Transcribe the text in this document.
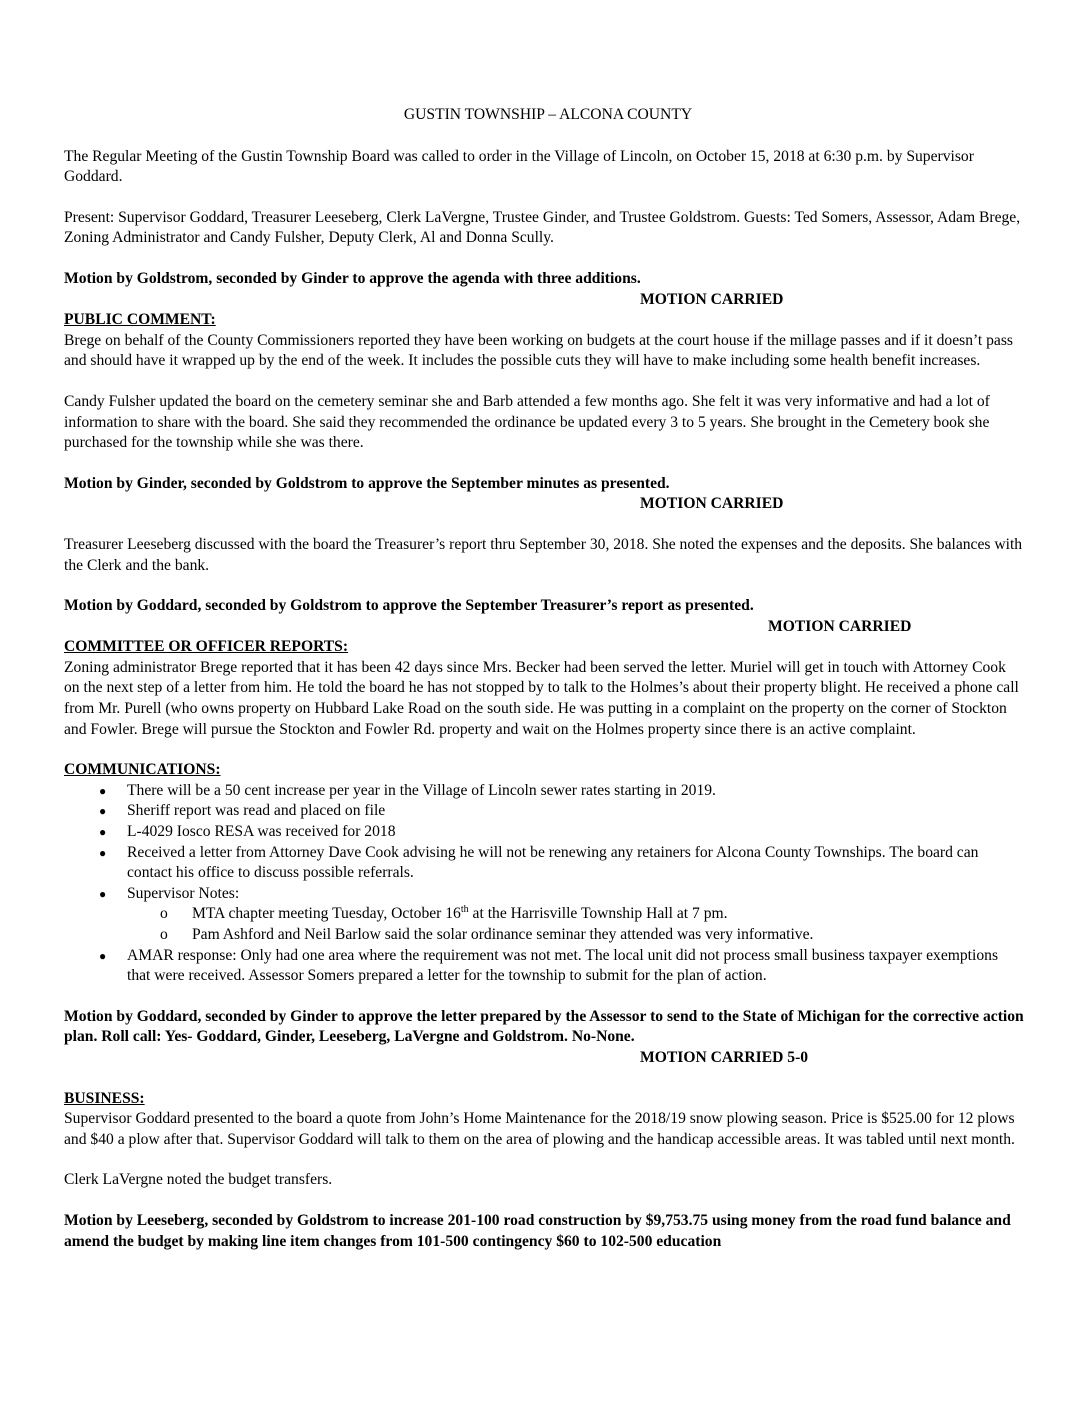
GUSTIN TOWNSHIP – ALCONA COUNTY

The Regular Meeting of the Gustin Township Board was called to order in the Village of Lincoln, on October 15, 2018 at 6:30 p.m. by Supervisor Goddard.

Present: Supervisor Goddard, Treasurer Leeseberg, Clerk LaVergne, Trustee Ginder, and Trustee Goldstrom. Guests: Ted Somers, Assessor, Adam Brege, Zoning Administrator and Candy Fulsher, Deputy Clerk, Al and Donna Scully.

Motion by Goldstrom, seconded by Ginder to approve the agenda with three additions.

MOTION CARRIED

PUBLIC COMMENT:

Brege on behalf of the County Commissioners reported they have been working on budgets at the court house if the millage passes and if it doesn’t pass and should have it wrapped up by the end of the week. It includes the possible cuts they will have to make including some health benefit increases.

Candy Fulsher updated the board on the cemetery seminar she and Barb attended a few months ago. She felt it was very informative and had a lot of information to share with the board. She said they recommended the ordinance be updated every 3 to 5 years. She brought in the Cemetery book she purchased for the township while she was there.

Motion by Ginder, seconded by Goldstrom to approve the September minutes as presented.

MOTION CARRIED

Treasurer Leeseberg discussed with the board the Treasurer’s report thru September 30, 2018. She noted the expenses and the deposits. She balances with the Clerk and the bank.

Motion by Goddard, seconded by Goldstrom to approve the September Treasurer’s report as presented.

MOTION CARRIED

COMMITTEE OR OFFICER REPORTS:

Zoning administrator Brege reported that it has been 42 days since Mrs. Becker had been served the letter. Muriel will get in touch with Attorney Cook on the next step of a letter from him. He told the board he has not stopped by to talk to the Holmes’s about their property blight. He received a phone call from Mr. Purell (who owns property on Hubbard Lake Road on the south side. He was putting in a complaint on the property on the corner of Stockton and Fowler. Brege will pursue the Stockton and Fowler Rd. property and wait on the Holmes property since there is an active complaint.

COMMUNICATIONS:

● There will be a 50 cent increase per year in the Village of Lincoln sewer rates starting in 2019.
● Sheriff report was read and placed on file
● L-4029 Iosco RESA was received for 2018
● Received a letter from Attorney Dave Cook advising he will not be renewing any retainers for Alcona County Townships. The board can contact his office to discuss possible referrals.
● Supervisor Notes:
o MTA chapter meeting Tuesday, October 16th at the Harrisville Township Hall at 7 pm.
o Pam Ashford and Neil Barlow said the solar ordinance seminar they attended was very informative.
● AMAR response: Only had one area where the requirement was not met. The local unit did not process small business taxpayer exemptions that were received. Assessor Somers prepared a letter for the township to submit for the plan of action.

Motion by Goddard, seconded by Ginder to approve the letter prepared by the Assessor to send to the State of Michigan for the corrective action plan. Roll call: Yes- Goddard, Ginder, Leeseberg, LaVergne and Goldstrom. No-None.

MOTION CARRIED 5-0

BUSINESS:

Supervisor Goddard presented to the board a quote from John’s Home Maintenance for the 2018/19 snow plowing season. Price is $525.00 for 12 plows and $40 a plow after that. Supervisor Goddard will talk to them on the area of plowing and the handicap accessible areas. It was tabled until next month.

Clerk LaVergne noted the budget transfers.

Motion by Leeseberg, seconded by Goldstrom to increase 201-100 road construction by $9,753.75 using money from the road fund balance and amend the budget by making line item changes from 101-500 contingency $60 to 102-500 education
